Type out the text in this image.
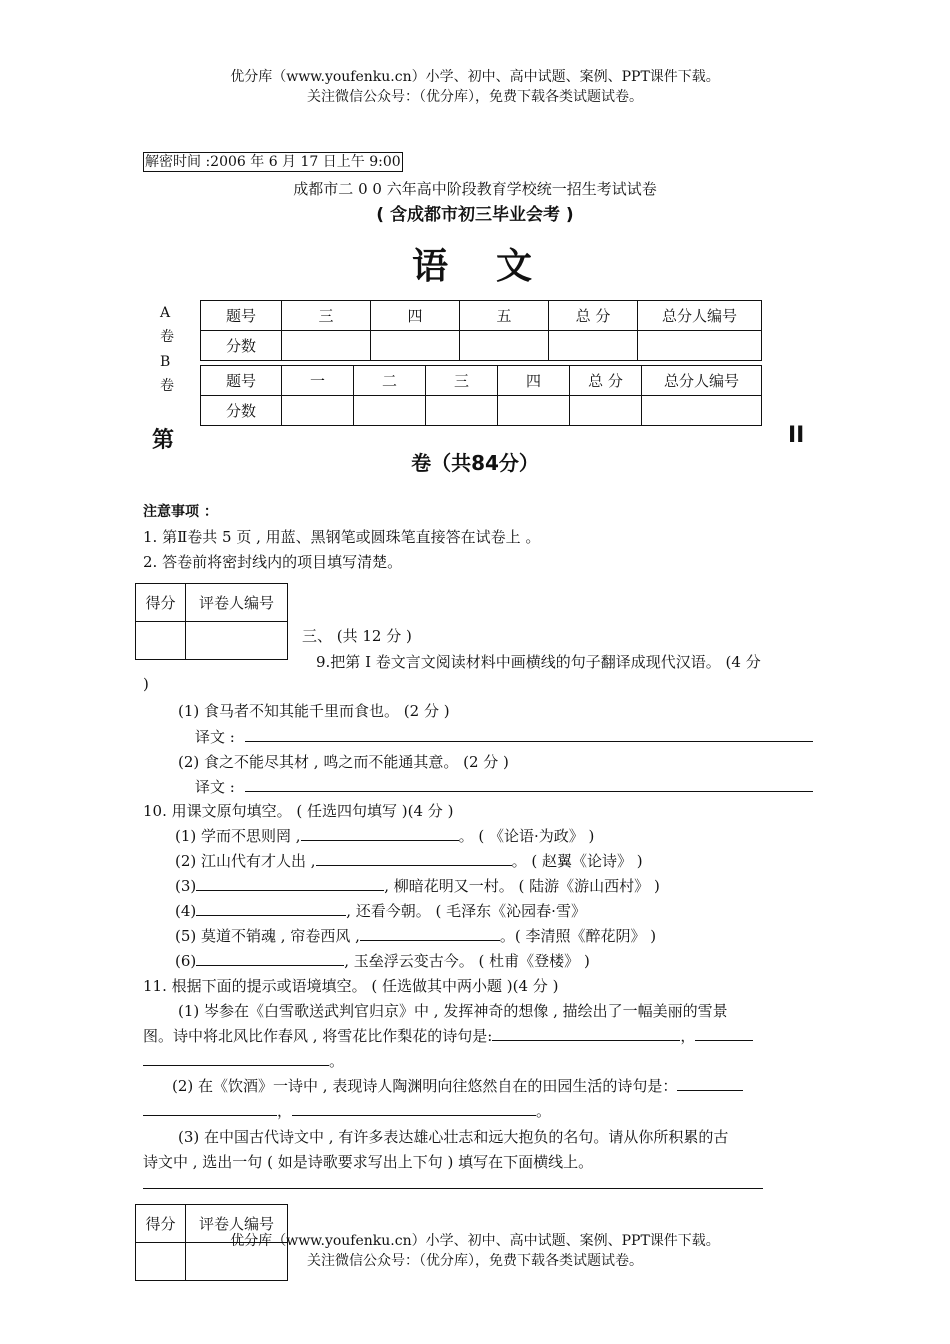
优分库（www.youfenku.cn）小学、初中、高中试题、案例、PPT课件下载。
关注微信公众号：（优分库），免费下载各类试题试卷。
解密时间 :2006 年 6 月 17 日上午 9:00
成都市二 0 0 六年高中阶段教育学校统一招生考试试卷
( 含成都市初三毕业会考 )
语　文
A　卷
B　卷
题号	三	四	五	总 分	总分人编号
分数					
题号	一	二	三	四	总 分	总分人编号
分数						
第	II
卷（共84分）
注意事项 ：
1. 第Ⅱ卷共 5 页 , 用蓝、黑钢笔或圆珠笔直接答在试卷上 。
2. 答卷前将密封线内的项目填写清楚。
得分	评卷人编号

三、 (共 12 分 )
9.把第 I 卷文言文阅读材料中画横线的句子翻译成现代汉语。 (4 分
)
(1) 食马者不知其能千里而食也。 (2 分 )
译文 :
(2) 食之不能尽其材 , 鸣之而不能通其意。 (2 分 )
译文 :
10. 用课文原句填空。 ( 任选四句填写 )(4 分 )
(1) 学而不思则罔 ,	。 ( 《论语·为政》 )
(2) 江山代有才人出 ,	。 ( 赵翼《论诗》 )
(3)	, 柳暗花明又一村。 ( 陆游《游山西村》 )
(4)	, 还看今朝。 ( 毛泽东《沁园春·雪》
(5) 莫道不销魂 , 帘卷西风 ,	。( 李清照《醉花阴》 )
(6)	, 玉垒浮云变古今。 ( 杜甫《登楼》 )
11. 根据下面的提示或语境填空。 ( 任选做其中两小题 )(4 分 )
(1) 岑参在《白雪歌送武判官归京》中 , 发挥神奇的想像 , 描绘出了一幅美丽的雪景
图。诗中将北风比作春风 , 将雪花比作梨花的诗句是:	，
。
(2) 在《饮酒》一诗中 , 表现诗人陶渊明向往悠然自在的田园生活的诗句是：
，	。
(3) 在中国古代诗文中 , 有许多表达雄心壮志和远大抱负的名句。请从你所积累的古
诗文中 , 选出一句 ( 如是诗歌要求写出上下句 ) 填写在下面横线上。
得分	评卷人编号

优分库（www.youfenku.cn）小学、初中、高中试题、案例、PPT课件下载。
关注微信公众号：（优分库），免费下载各类试题试卷。
